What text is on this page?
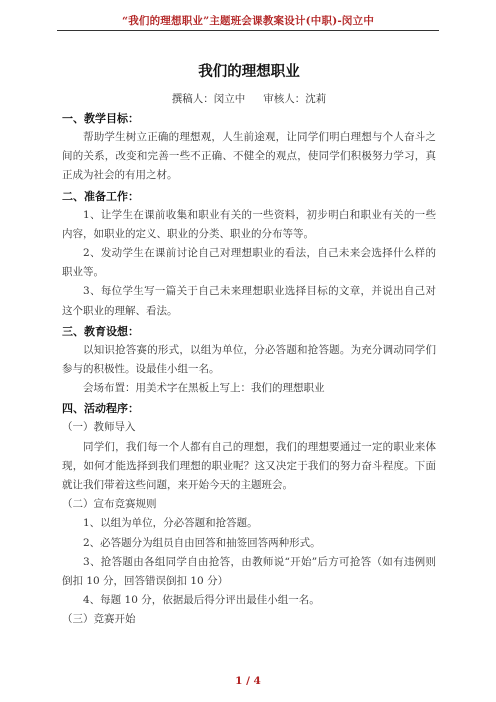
“我们的理想职业”主题班会课教案设计(中职)-闵立中
我们的理想职业
撰稿人：闵立中 审核人：沈莉
一、教学目标：

帮助学生树立正确的理想观，人生前途观，让同学们明白理想与个人奋斗之间的关系，改变和完善一些不正确、不健全的观点，使同学们积极努力学习，真正成为社会的有用之材。

二、准备工作：

1、让学生在课前收集和职业有关的一些资料，初步明白和职业有关的一些内容，如职业的定义、职业的分类、职业的分布等等。

2、发动学生在课前讨论自己对理想职业的看法，自己未来会选择什么样的职业等。

3、每位学生写一篇关于自己未来理想职业选择目标的文章，并说出自己对这个职业的理解、看法。

三、教育设想：

以知识抢答赛的形式，以组为单位，分必答题和抢答题。为充分调动同学们参与的积极性。设最佳小组一名。

会场布置：用美术字在黑板上写上：我们的理想职业

四、活动程序：
（一）教师导入

同学们，我们每一个人都有自己的理想，我们的理想要通过一定的职业来体现，如何才能选择到我们理想的职业呢？这又决定于我们的努力奋斗程度。下面就让我们带着这些问题，来开始今天的主题班会。

（二）宣布竞赛规则

1、以组为单位，分必答题和抢答题。

2、必答题分为组员自由回答和抽签回答两种形式。

3、抢答题由各组同学自由抢答，由教师说“开始”后方可抢答（如有违例则倒扣 10 分，回答错误倒扣 10 分）

4、每题 10 分，依据最后得分评出最佳小组一名。

（三）竞赛开始
1 / 4
